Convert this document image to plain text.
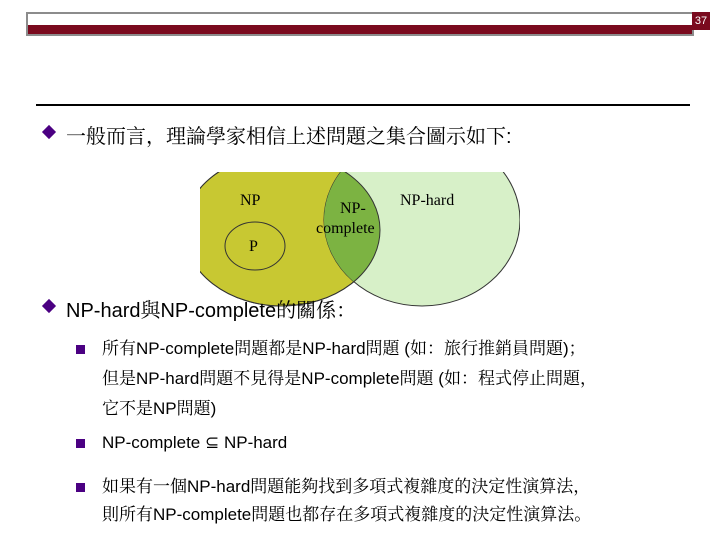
37
一般而言，理論學家相信上述問題之集合圖示如下:
NP	NP-
complete
NP-hard
P
NP-hard與NP-complete的關係：
所有NP-complete問題都是NP-hard問題 (如：旅行推銷員問題)；
但是NP-hard問題不見得是NP-complete問題 (如：程式停止問題，
它不是NP問題)
NP-complete ⊆ NP-hard
如果有一個NP-hard問題能夠找到多項式複雜度的決定性演算法，
則所有NP-complete問題也都存在多項式複雜度的決定性演算法。
